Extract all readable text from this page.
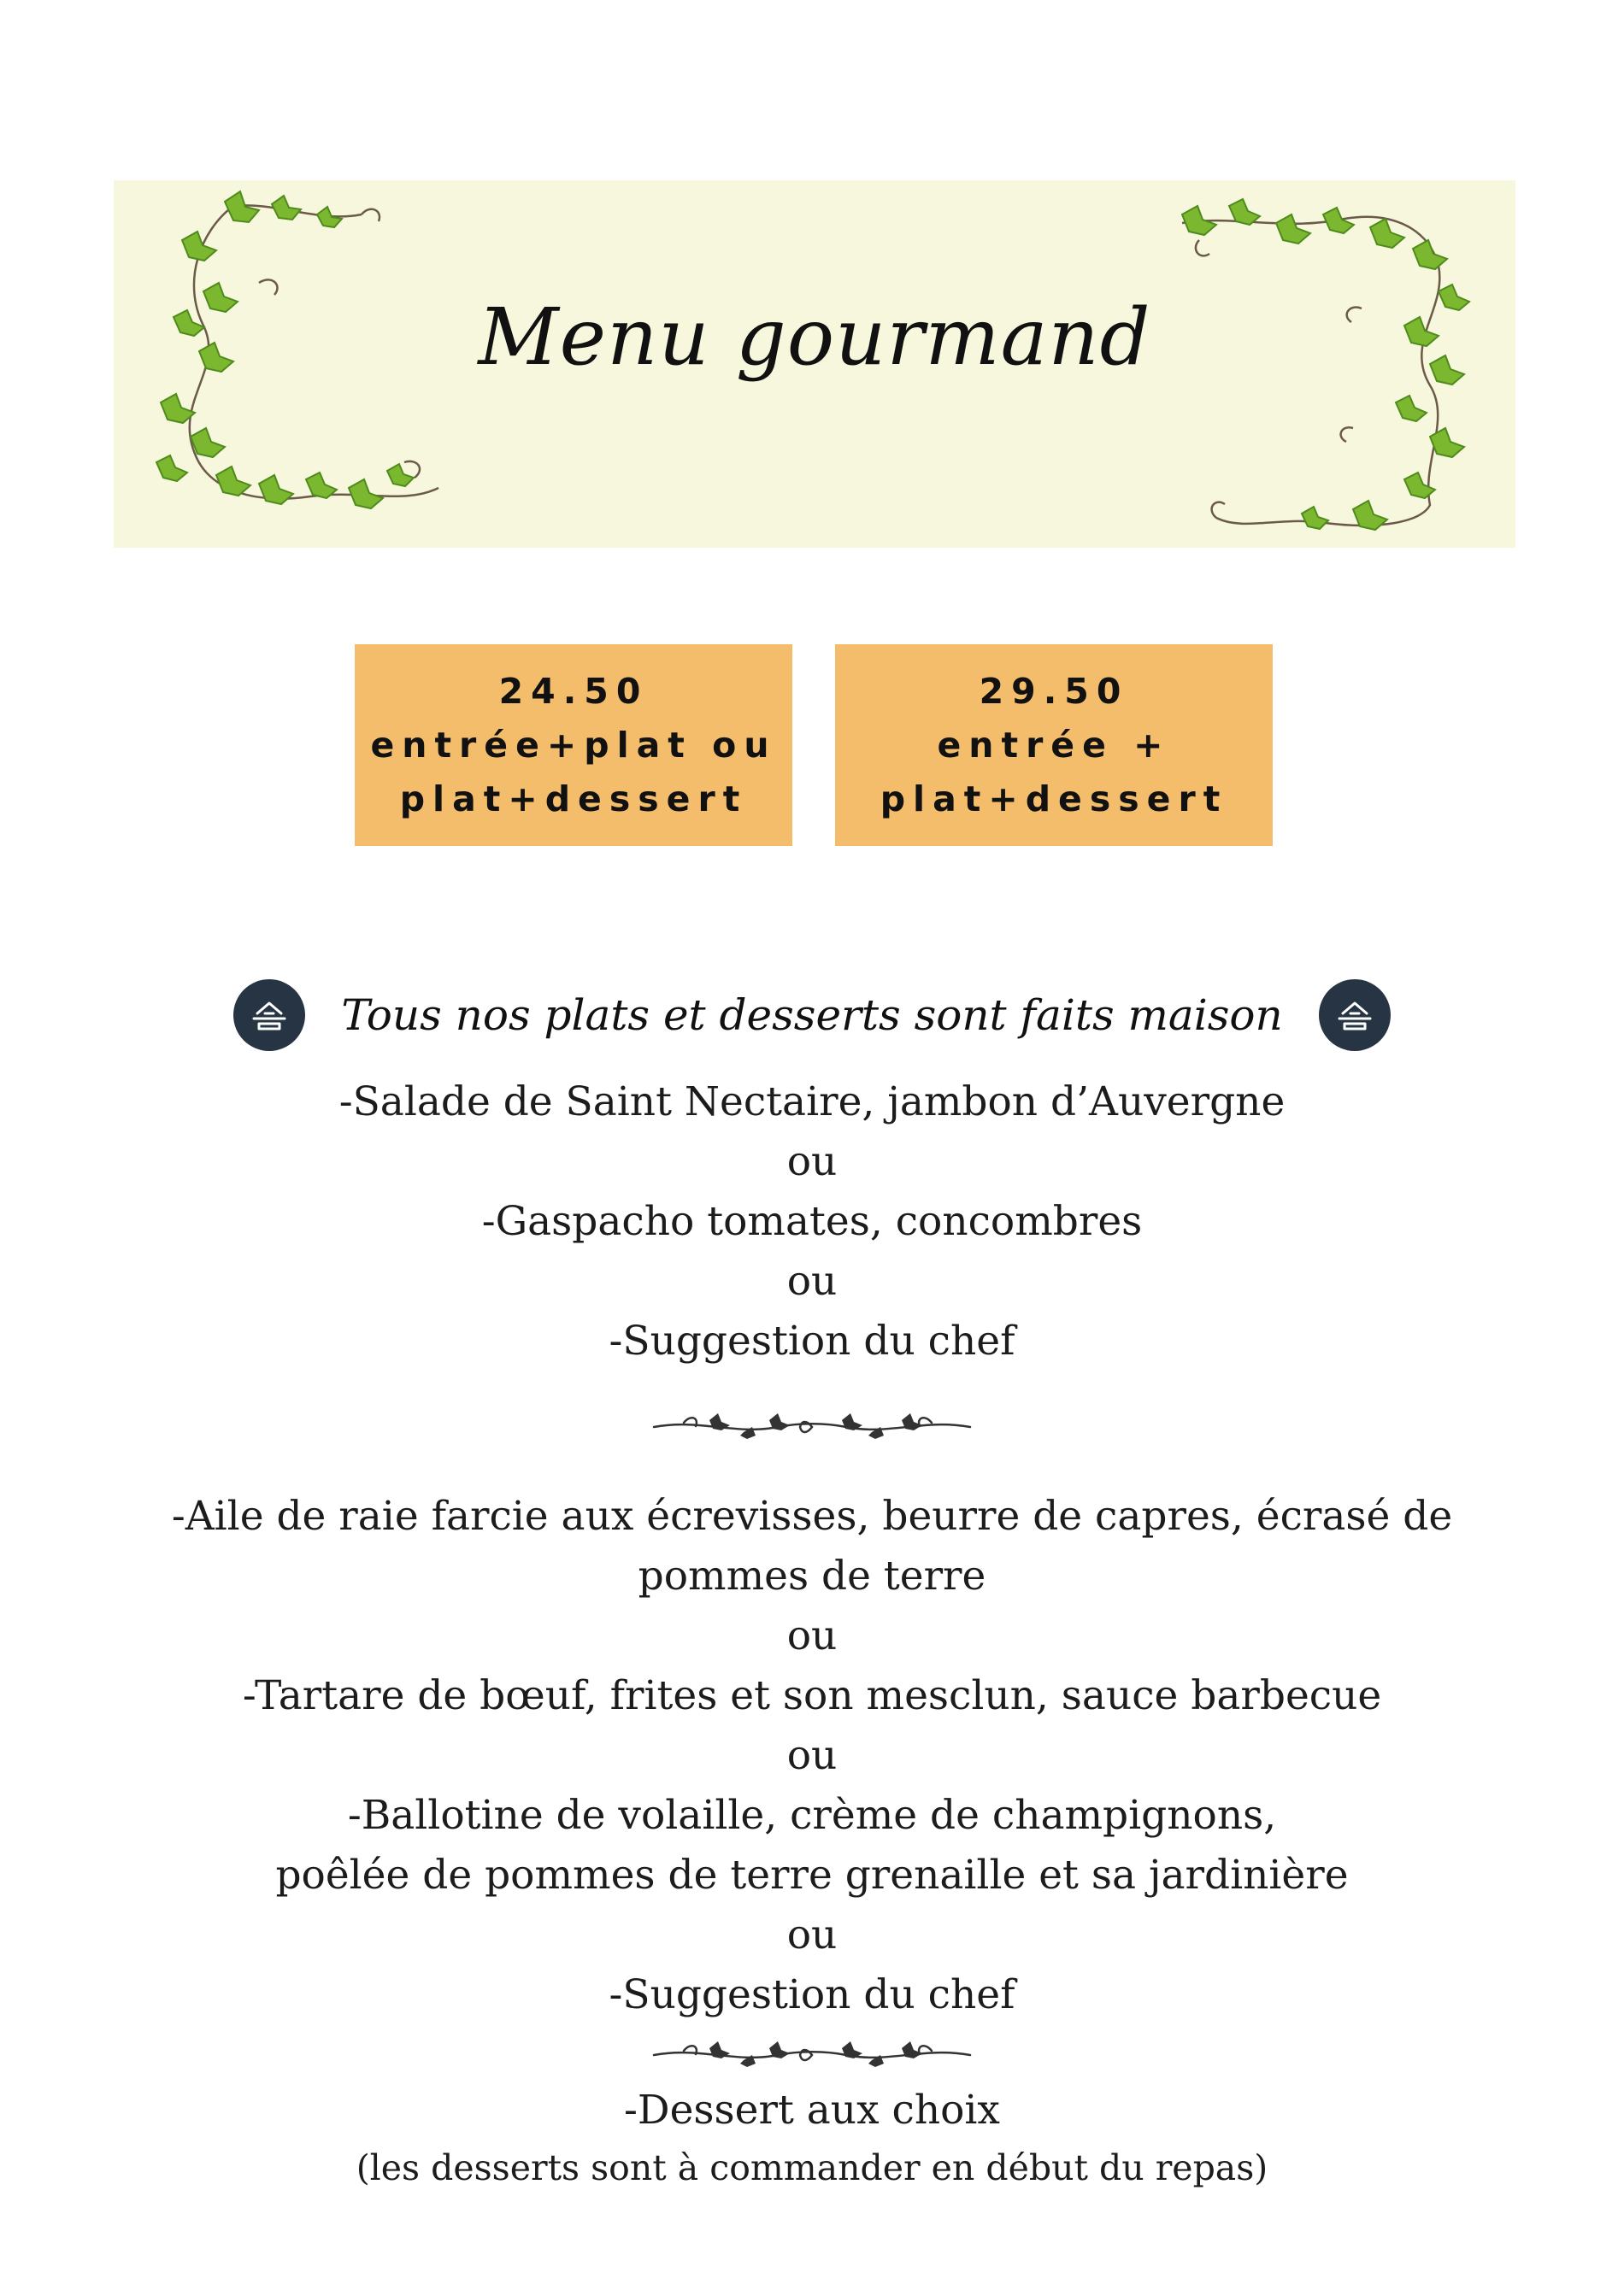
Menu gourmand
24.50
entrée+plat ou
plat+dessert
29.50
entrée +
plat+dessert
Tous nos plats et desserts sont faits maison
-Salade de Saint Nectaire, jambon d’Auvergne
ou
-Gaspacho tomates, concombres
ou
-Suggestion du chef
-Aile de raie farcie aux écrevisses, beurre de capres, écrasé de
pommes de terre
ou
-Tartare de bœuf, frites et son mesclun, sauce barbecue
ou
-Ballotine de volaille, crème de champignons,
poêlée de pommes de terre grenaille et sa jardinière
ou
-Suggestion du chef
-Dessert aux choix
(les desserts sont à commander en début du repas)
